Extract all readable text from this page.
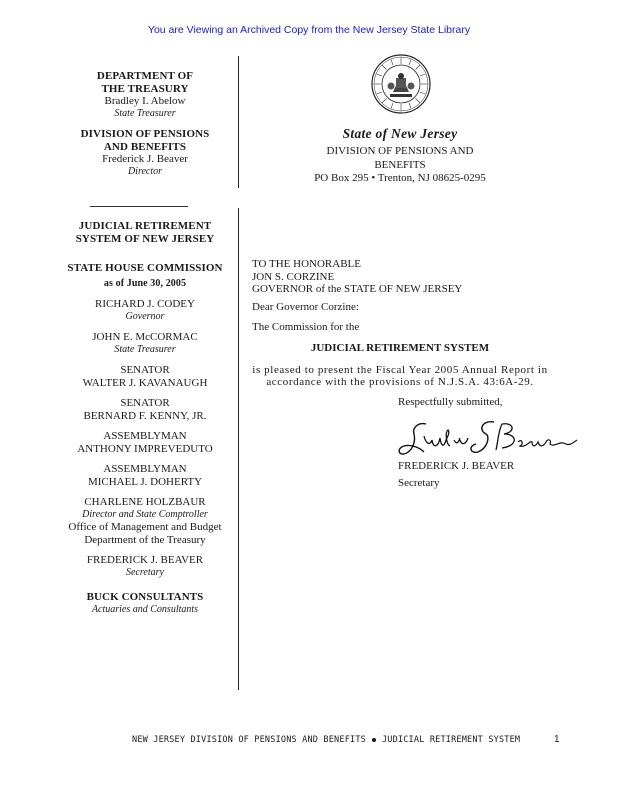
You are Viewing an Archived Copy from the New Jersey State Library
DEPARTMENT OF
THE TREASURY
Bradley I. Abelow
State Treasurer
DIVISION OF PENSIONS
AND BENEFITS
Frederick J. Beaver
Director
JUDICIAL RETIREMENT
SYSTEM OF NEW JERSEY
STATE HOUSE COMMISSION
as of June 30, 2005
RICHARD J. CODEY
Governor
JOHN E. McCORMAC
State Treasurer
SENATOR
WALTER J. KAVANAUGH
SENATOR
BERNARD F. KENNY, JR.
ASSEMBLYMAN
ANTHONY IMPREVEDUTO
ASSEMBLYMAN
MICHAEL J. DOHERTY
CHARLENE HOLZBAUR
Director and State Comptroller
Office of Management and Budget
Department of the Treasury
FREDERICK J. BEAVER
Secretary
BUCK CONSULTANTS
Actuaries and Consultants
State of New Jersey
DIVISION OF PENSIONS AND BENEFITS
PO Box 295 • Trenton, NJ 08625-0295
TO THE HONORABLE
JON S. CORZINE
GOVERNOR of the STATE OF NEW JERSEY
Dear Governor Corzine:
The Commission for the
JUDICIAL RETIREMENT SYSTEM
is pleased to present the Fiscal Year 2005 Annual Report in
accordance with the provisions of N.J.S.A. 43:6A-29.
Respectfully submitted,
FREDERICK J. BEAVER
Secretary
NEW JERSEY DIVISION OF PENSIONS AND BENEFITS JUDICIAL RETIREMENT SYSTEM	1
